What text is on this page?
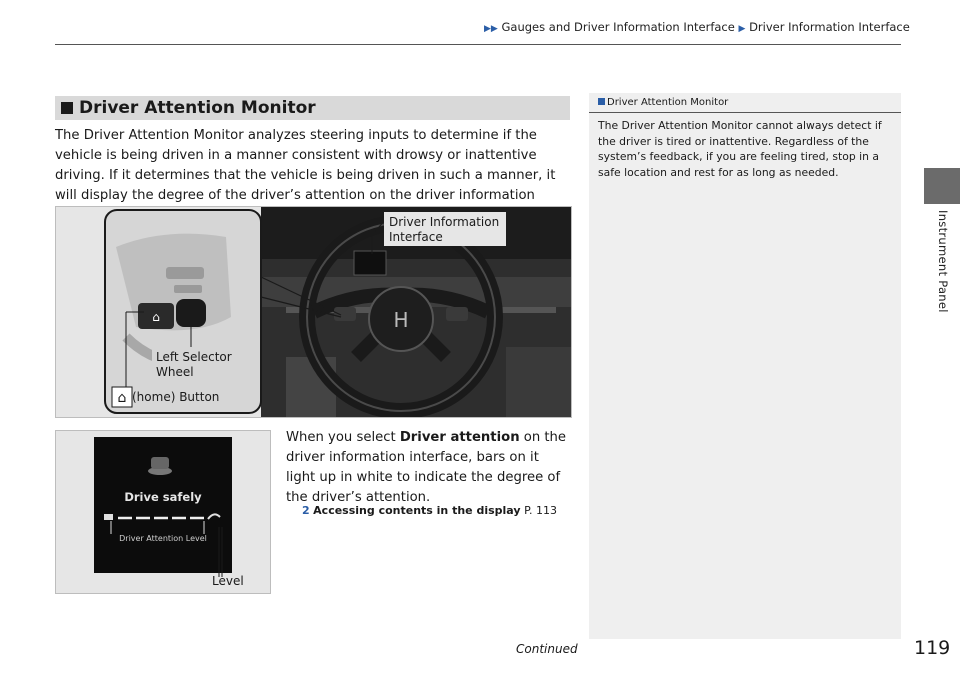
▶▶ Gauges and Driver Information Interface ▶ Driver Information Interface
Instrument Panel
Driver Attention Monitor
The Driver Attention Monitor analyzes steering inputs to determine if the vehicle is being driven in a manner consistent with drowsy or inattentive driving. If it determines that the vehicle is being driven in such a manner, it will display the degree of the driver’s attention on the driver information
H
⌂
⌂
Driver Information
Interface
Left Selector
Wheel
(home) Button
When you select Driver attention on the driver information interface, bars on it light up in white to indicate the degree of the driver’s attention.
2 Accessing contents in the display P. 113
Drive safely
Driver Attention Level
Level
Driver Attention Monitor
The Driver Attention Monitor cannot always detect if the driver is tired or inattentive. Regardless of the system’s feedback, if you are feeling tired, stop in a safe location and rest for as long as needed.
Continued	119
